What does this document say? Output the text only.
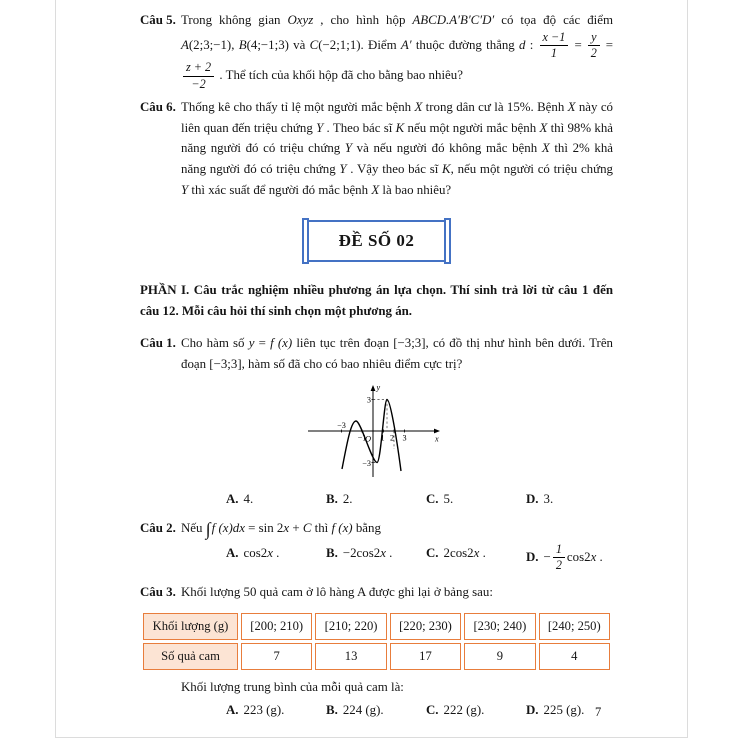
Câu 5. Trong không gian Oxyz , cho hình hộp ABCD.A′B′C′D′ có tọa độ các điểm A(2;3;−1), B(4;−1;3) và C(−2;1;1). Điểm A′ thuộc đường thẳng d : $\frac{x -1}{1} = \frac{y}{2}$ =
$\frac{z + 2}{-2}$ . Thể tích của khối hộp đã cho bằng bao nhiêu?

Câu 6. Thống kê cho thấy tỉ lệ một người mắc bệnh X trong dân cư là 15%. Bệnh X này có liên quan đến triệu chứng Y . Theo bác sĩ K nếu một người mắc bệnh X thì 98% khả năng người đó có triệu chứng Y và nếu người đó không mắc bệnh X thì 2% khả năng người đó có triệu chứng Y . Vậy theo bác sĩ K, nếu một người có triệu chứng Y thì xác suất để người đó mắc bệnh X là bao nhiêu?

ĐỀ SỐ 02

PHẦN I. Câu trắc nghiệm nhiều phương án lựa chọn. Thí sinh trả lời từ câu 1 đến câu 12. Mỗi câu hỏi thí sinh chọn một phương án.

Câu 1. Cho hàm số y = f (x) liên tục trên đoạn [−3;3], có đồ thị như hình bên dưới. Trên đoạn [−3;3], hàm số đã cho có bao nhiêu điểm cực trị?

y
x
O
3
−3
−3
−1 1 2 3
A. 4.	B. 2.	C. 5.	D. 3.
Câu 2. Nếu ∫f (x)dx = sin 2x + C thì f (x) bằng

A. cos2x .	B. −2cos2x .	C. 2cos2x .	D. − $\frac{1}{2} \cos 2x$ .
Câu 3. Khối lượng 50 quả cam ở lô hàng A được ghi lại ở bảng sau:

Khối lượng (g)	[200; 210)	[210; 220)	[220; 230)	[230; 240)	[240; 250)
Số quả cam	7	13	17	9	4

Khối lượng trung bình của mỗi quả cam là:

A. 223 (g).	B. 224 (g).	C. 222 (g).	D. 225 (g). 7
